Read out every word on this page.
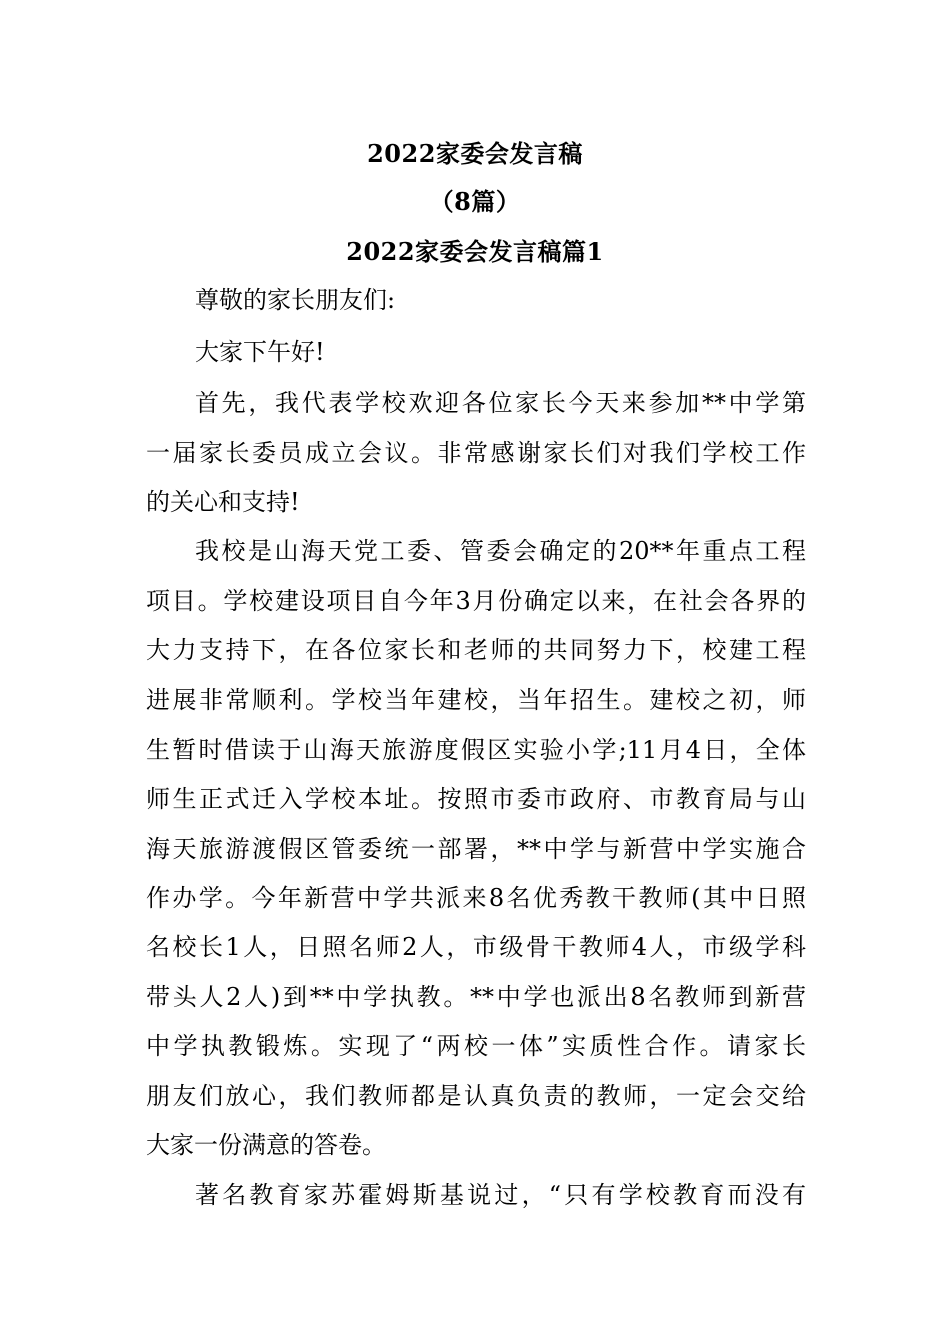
2022家委会发言稿
（8篇）
2022家委会发言稿篇1
尊敬的家长朋友们:
大家下午好!
首先，我代表学校欢迎各位家长今天来参加**中学第
一届家长委员成立会议。非常感谢家长们对我们学校工作
的关心和支持!
我校是山海天党工委、管委会确定的20**年重点工程
项目。学校建设项目自今年3月份确定以来，在社会各界的
大力支持下，在各位家长和老师的共同努力下，校建工程
进展非常顺利。学校当年建校，当年招生。建校之初，师
生暂时借读于山海天旅游度假区实验小学;11月4日，全体
师生正式迁入学校本址。按照市委市政府、市教育局与山
海天旅游渡假区管委统一部署，**中学与新营中学实施合
作办学。今年新营中学共派来8名优秀教干教师(其中日照
名校长1人，日照名师2人，市级骨干教师4人，市级学科
带头人2人)到**中学执教。**中学也派出8名教师到新营
中学执教锻炼。实现了“两校一体”实质性合作。请家长
朋友们放心，我们教师都是认真负责的教师，一定会交给
大家一份满意的答卷。
著名教育家苏霍姆斯基说过，“只有学校教育而没有
